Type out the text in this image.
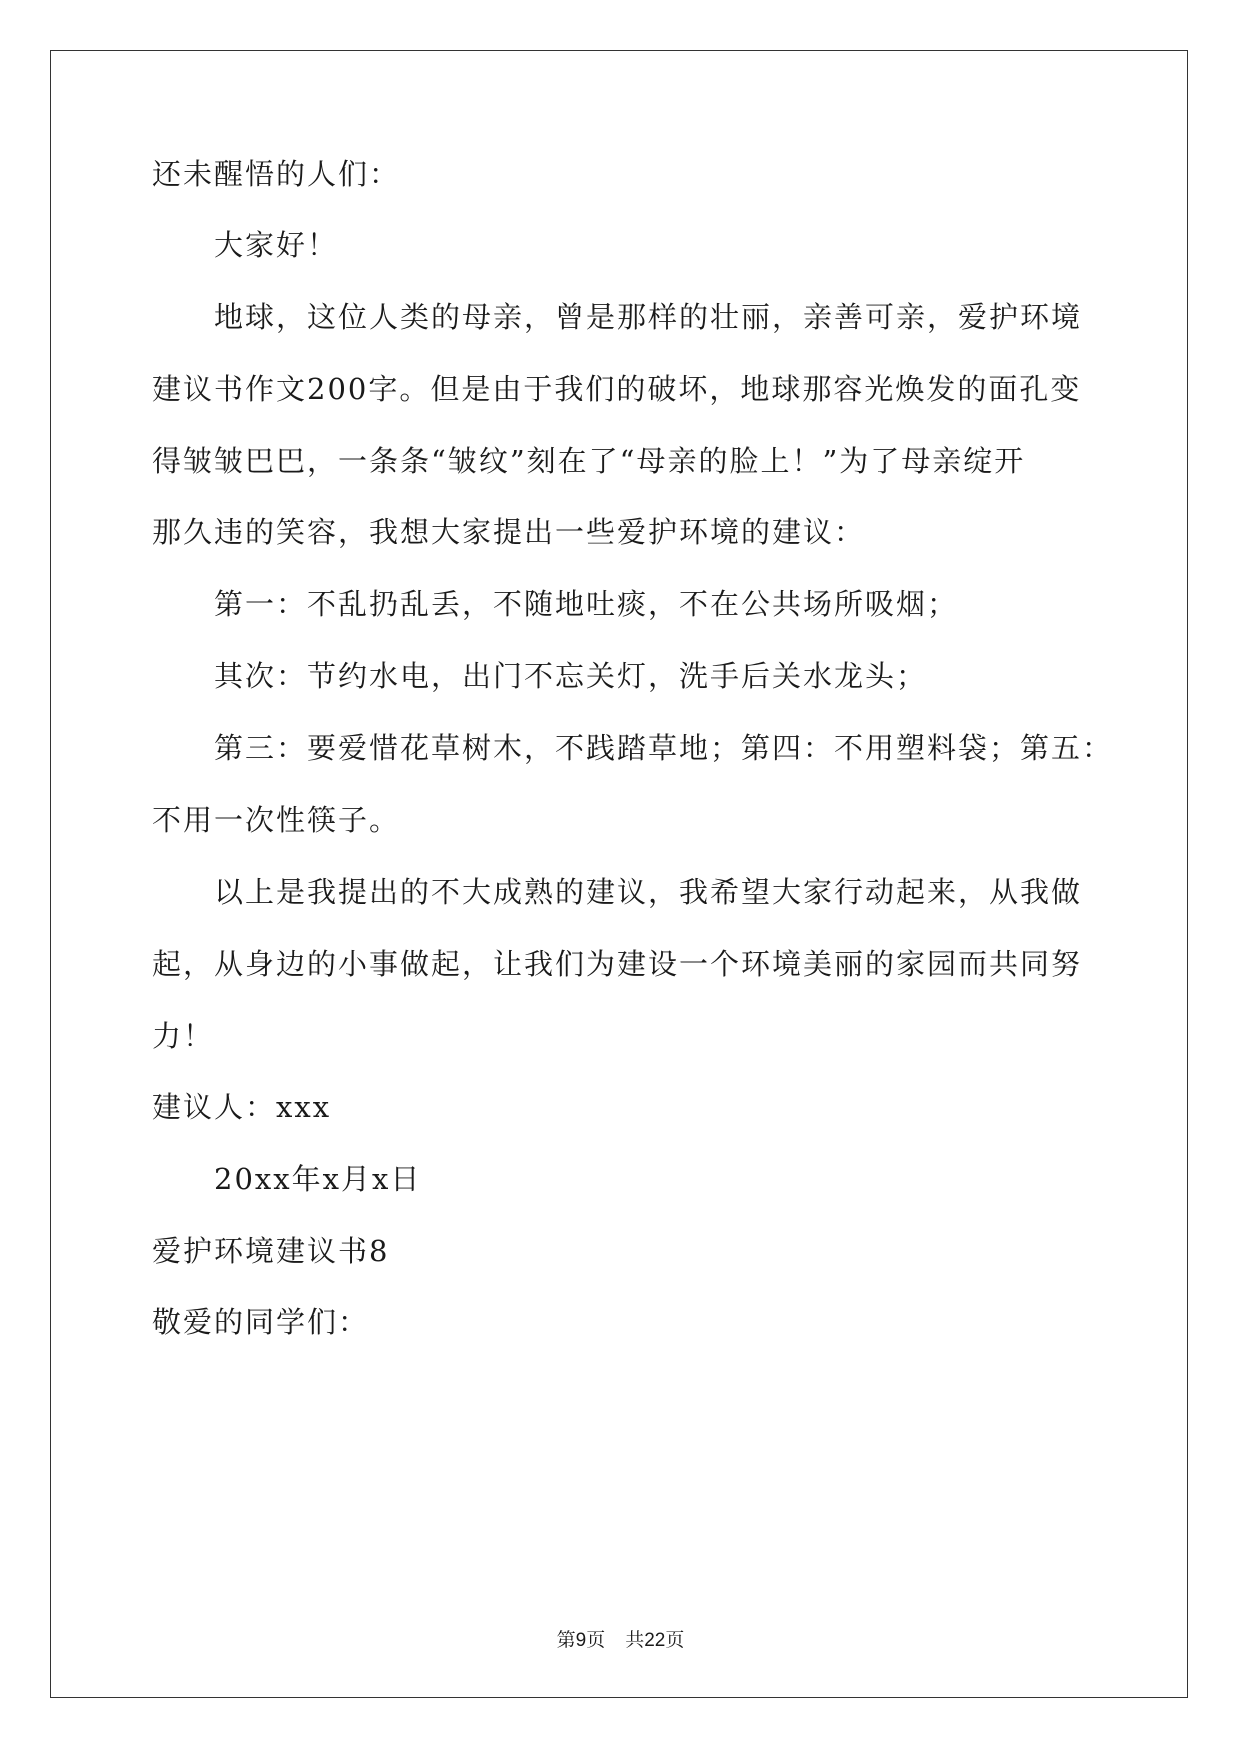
还未醒悟的人们：
大家好！
地球，这位人类的母亲，曾是那样的壮丽，亲善可亲，爱护环境
建议书作文200字。但是由于我们的破坏，地球那容光焕发的面孔变
得皱皱巴巴，一条条“皱纹”刻在了“母亲的脸上！”为了母亲绽开
那久违的笑容，我想大家提出一些爱护环境的建议：
第一：不乱扔乱丢，不随地吐痰，不在公共场所吸烟；
其次：节约水电，出门不忘关灯，洗手后关水龙头；
第三：要爱惜花草树木，不践踏草地；第四：不用塑料袋；第五：
不用一次性筷子。
以上是我提出的不大成熟的建议，我希望大家行动起来，从我做
起，从身边的小事做起，让我们为建设一个环境美丽的家园而共同努
力！
建议人：xxx
20xx年x月x日
爱护环境建议书8
敬爱的同学们：
第9页 共22页
